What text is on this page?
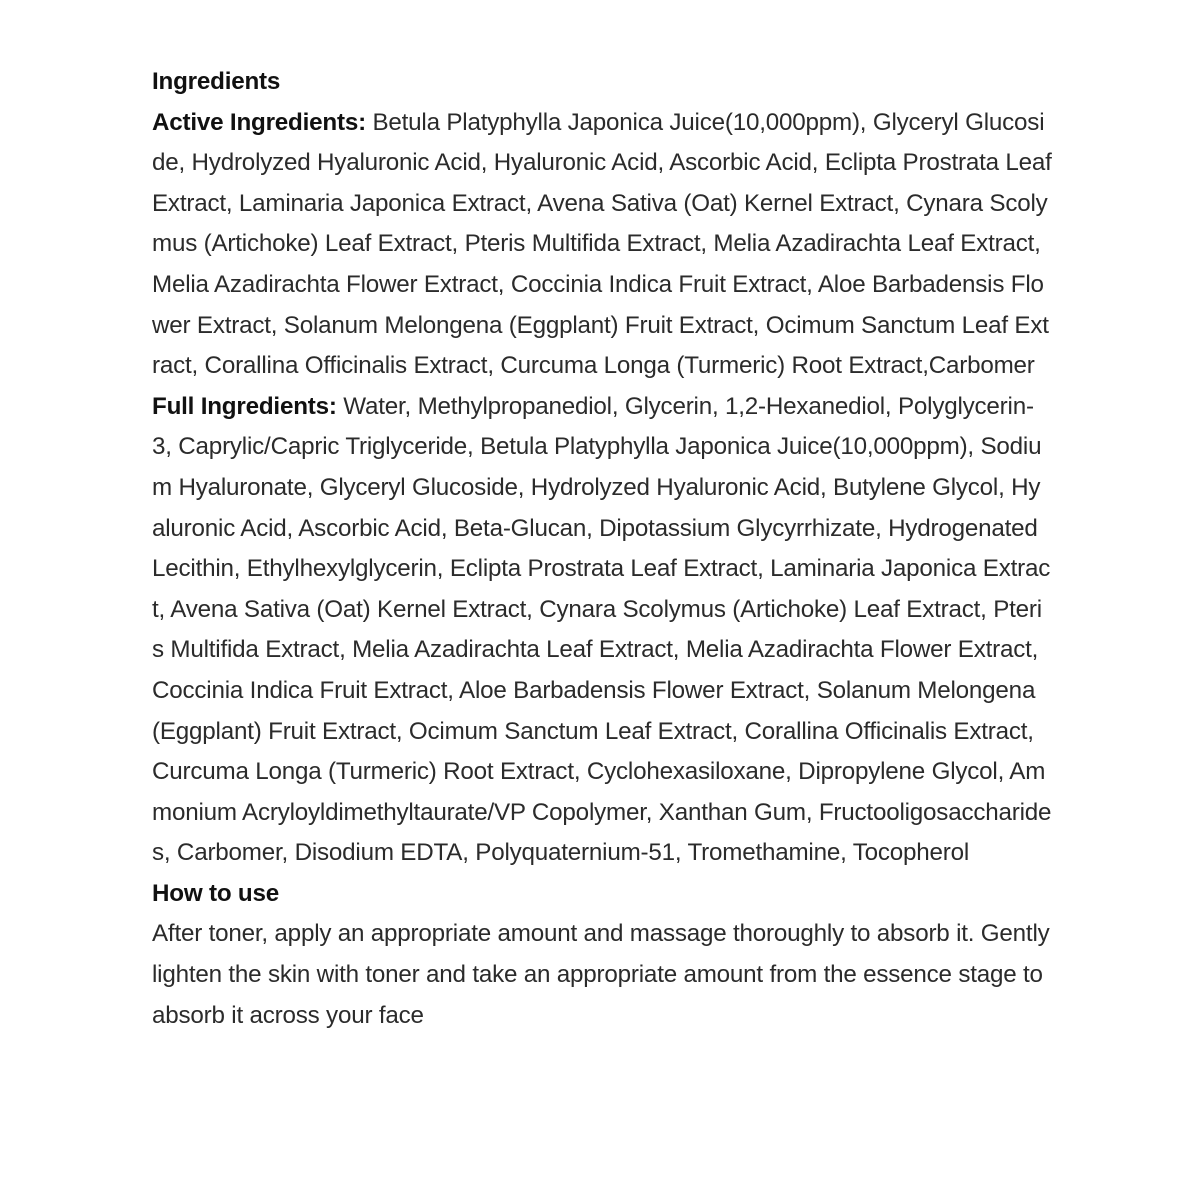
Ingredients

Active Ingredients: Betula Platyphylla Japonica Juice(10,000ppm), Glyceryl Glucoside, Hydrolyzed Hyaluronic Acid, Hyaluronic Acid, Ascorbic Acid, Eclipta Prostrata Leaf Extract, Laminaria Japonica Extract, Avena Sativa (Oat) Kernel Extract, Cynara Scolymus (Artichoke) Leaf Extract, Pteris Multifida Extract, Melia Azadirachta Leaf Extract, Melia Azadirachta Flower Extract, Coccinia Indica Fruit Extract, Aloe Barbadensis Flower Extract, Solanum Melongena (Eggplant) Fruit Extract, Ocimum Sanctum Leaf Extract, Corallina Officinalis Extract, Curcuma Longa (Turmeric) Root Extract,Carbomer

Full Ingredients: Water, Methylpropanediol, Glycerin, 1,2-Hexanediol, Polyglycerin-3, Caprylic/Capric Triglyceride, Betula Platyphylla Japonica Juice(10,000ppm), Sodium Hyaluronate, Glyceryl Glucoside, Hydrolyzed Hyaluronic Acid, Butylene Glycol, Hyaluronic Acid, Ascorbic Acid, Beta-Glucan, Dipotassium Glycyrrhizate, Hydrogenated Lecithin, Ethylhexylglycerin, Eclipta Prostrata Leaf Extract, Laminaria Japonica Extract, Avena Sativa (Oat) Kernel Extract, Cynara Scolymus (Artichoke) Leaf Extract, Pteris Multifida Extract, Melia Azadirachta Leaf Extract, Melia Azadirachta Flower Extract, Coccinia Indica Fruit Extract, Aloe Barbadensis Flower Extract, Solanum Melongena (Eggplant) Fruit Extract, Ocimum Sanctum Leaf Extract, Corallina Officinalis Extract, Curcuma Longa (Turmeric) Root Extract, Cyclohexasiloxane, Dipropylene Glycol, Ammonium Acryloyldimethyltaurate/VP Copolymer, Xanthan Gum, Fructooligosaccharides, Carbomer, Disodium EDTA, Polyquaternium-51, Tromethamine, Tocopherol

How to use

After toner, apply an appropriate amount and massage thoroughly to absorb it. Gently lighten the skin with toner and take an appropriate amount from the essence stage to absorb it across your face
